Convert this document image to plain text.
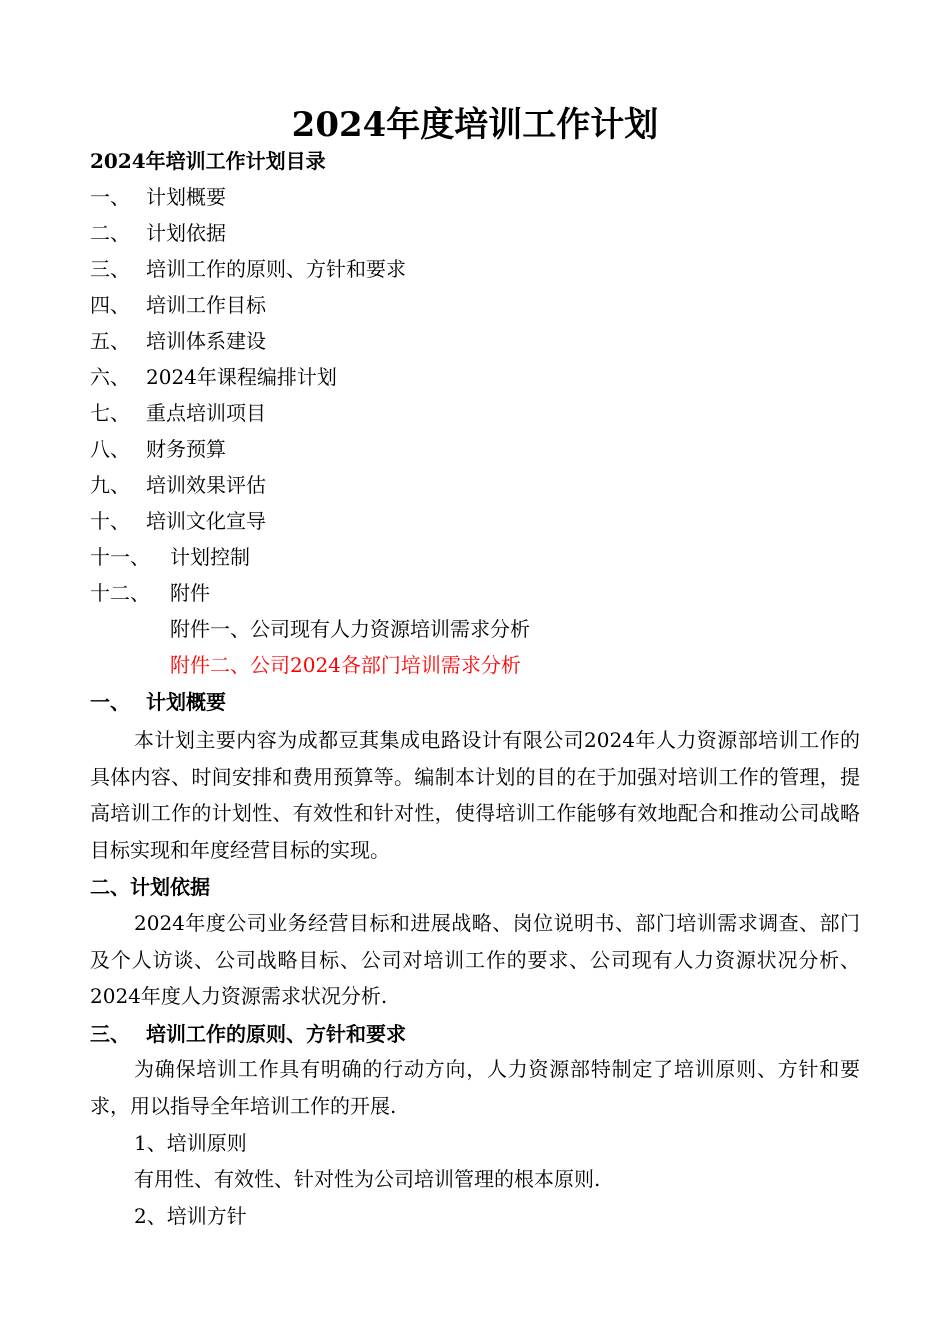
2024年度培训工作计划
2024年培训工作计划目录
一、 计划概要
二、 计划依据
三、 培训工作的原则、方针和要求
四、 培训工作目标
五、 培训体系建设
六、 2024年课程编排计划
七、 重点培训项目
八、 财务预算
九、 培训效果评估
十、 培训文化宣导
十一、 计划控制
十二、 附件
附件一、公司现有人力资源培训需求分析
附件二、公司2024各部门培训需求分析
一、 计划概要
本计划主要内容为成都豆萁集成电路设计有限公司2024年人力资源部培训工作的具体内容、时间安排和费用预算等。编制本计划的目的在于加强对培训工作的管理，提高培训工作的计划性、有效性和针对性，使得培训工作能够有效地配合和推动公司战略目标实现和年度经营目标的实现。
二、计划依据
2024年度公司业务经营目标和进展战略、岗位说明书、部门培训需求调查、部门及个人访谈、公司战略目标、公司对培训工作的要求、公司现有人力资源状况分析、2024年度人力资源需求状况分析.
三、 培训工作的原则、方针和要求
为确保培训工作具有明确的行动方向，人力资源部特制定了培训原则、方针和要求，用以指导全年培训工作的开展.
1、培训原则
有用性、有效性、针对性为公司培训管理的根本原则.
2、培训方针
